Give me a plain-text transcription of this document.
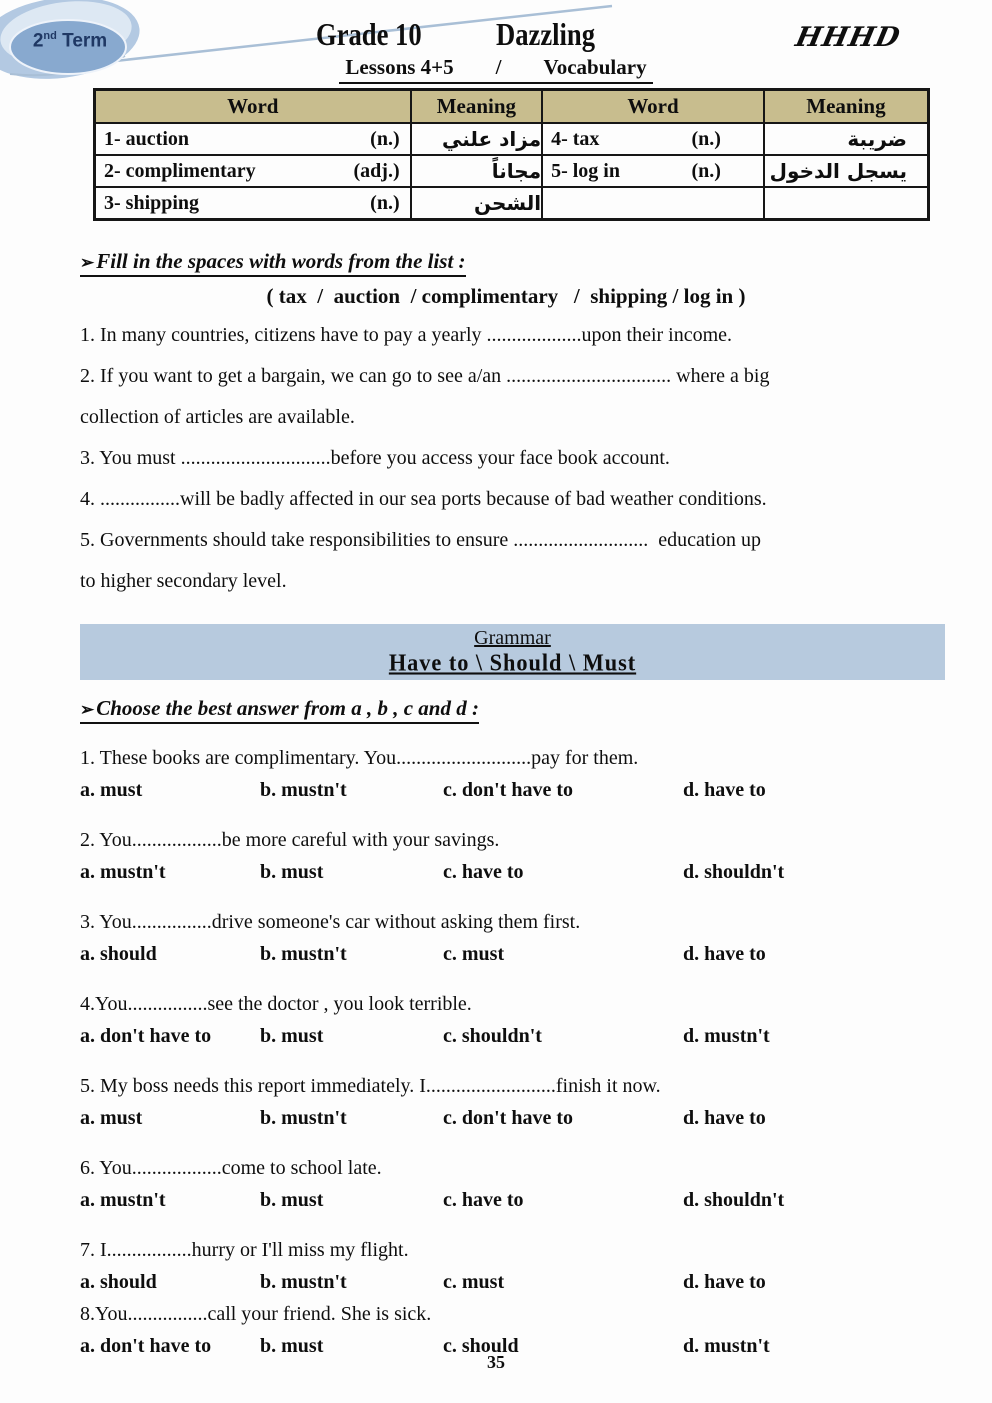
2nd Term	Grade 10	Dazzling	HHHD
Lessons 4+5 / Vocabulary
Word	Meaning	Word	Meaning

1- auction (n.)	مزاد علني	4- tax (n.)	ضريبة

2- complimentary (adj.)	مجاناً	5- log in (n.)	يسجل الدخول

3- shipping (n.)	الشحن	

➢Fill in the spaces with words from the list :
( tax  /  auction  / complimentary   /  shipping / log in )
1. In many countries, citizens have to pay a yearly ...................upon their income.
2. If you want to get a bargain, we can go to see a/an ................................. where a big
collection of articles are available.
3. You must ..............................before you access your face book account.
4. ................will be badly affected in our sea ports because of bad weather conditions.
5. Governments should take responsibilities to ensure ...........................  education up
to higher secondary level.
Grammar
Have to \ Should \ Must
➢Choose the best answer from a , b , c and d :
1. These books are complimentary. You...........................pay for them.
a. must	b. mustn't	c. don't have to	d. have to
2. You..................be more careful with your savings.
a. mustn't	b. must	c. have to	d. shouldn't
3. You................drive someone's car without asking them first.
a. should	b. mustn't	c. must	d. have to
4.You................see the doctor , you look terrible.
a. don't have to	b. must	c. shouldn't	d. mustn't
5. My boss needs this report immediately. I..........................finish it now.
a. must	b. mustn't	c. don't have to	d. have to
6. You..................come to school late.
a. mustn't	b. must	c. have to	d. shouldn't
7. I.................hurry or I'll miss my flight.
a. should	b. mustn't	c. must	d. have to
8.You................call your friend. She is sick.
a. don't have to	b. must	c. should	d. mustn't
35
